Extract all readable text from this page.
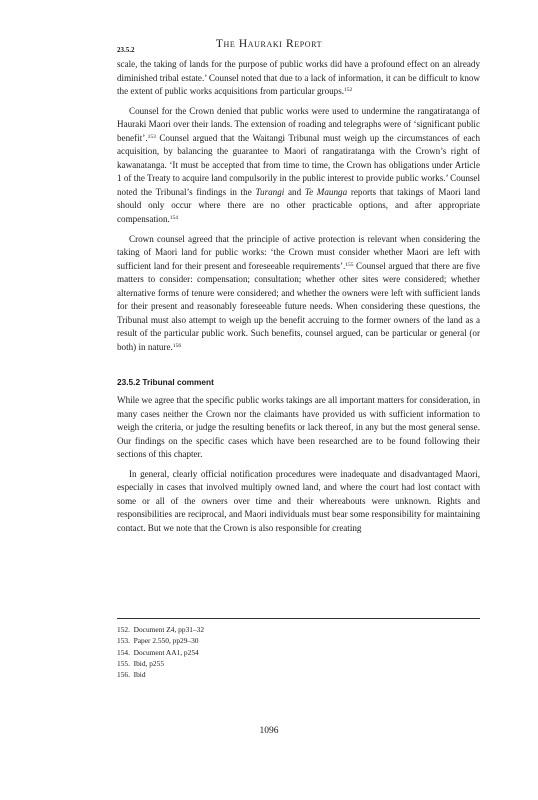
The Hauraki Report
23.5.2

scale, the taking of lands for the purpose of public works did have a profound effect on an already diminished tribal estate.’ Counsel noted that due to a lack of information, it can be difficult to know the extent of public works acquisitions from particular groups.$^{152}$

Counsel for the Crown denied that public works were used to undermine the rangatiratanga of Hauraki Maori over their lands. The extension of roading and telegraphs were of ‘significant public benefit’.$^{153}$ Counsel argued that the Waitangi Tribunal must weigh up the circumstances of each acquisition, by balancing the guarantee to Maori of rangatiratanga with the Crown’s right of kawanatanga. ‘It must be accepted that from time to time, the Crown has obligations under Article 1 of the Treaty to acquire land compulsorily in the public interest to provide public works.’ Counsel noted the Tribunal’s findings in the Turangi and Te Maunga reports that takings of Maori land should only occur where there are no other practicable options, and after appropriate compensation.$^{154}$

Crown counsel agreed that the principle of active protection is relevant when considering the taking of Maori land for public works: ‘the Crown must consider whether Maori are left with sufficient land for their present and foreseeable requirements’.$^{155}$ Counsel argued that there are five matters to consider: compensation; consultation; whether other sites were considered; whether alternative forms of tenure were considered; and whether the owners were left with sufficient lands for their present and reasonably foreseeable future needs. When considering these questions, the Tribunal must also attempt to weigh up the benefit accruing to the former owners of the land as a result of the particular public work. Such benefits, counsel argued, can be particular or general (or both) in nature.$^{156}$

23.5.2 Tribunal comment

While we agree that the specific public works takings are all important matters for consideration, in many cases neither the Crown nor the claimants have provided us with sufficient information to weigh the criteria, or judge the resulting benefits or lack thereof, in any but the most general sense. Our findings on the specific cases which have been researched are to be found following their sections of this chapter.

In general, clearly official notification procedures were inadequate and disadvantaged Maori, especially in cases that involved multiply owned land, and where the court had lost contact with some or all of the owners over time and their whereabouts were unknown. Rights and responsibilities are reciprocal, and Maori individuals must bear some responsibility for maintaining contact. But we note that the Crown is also responsible for creating

152. Document Z4, pp31–32
153. Paper 2.550, pp29–30
154. Document AA1, p254
155. Ibid, p255
156. Ibid
1096
